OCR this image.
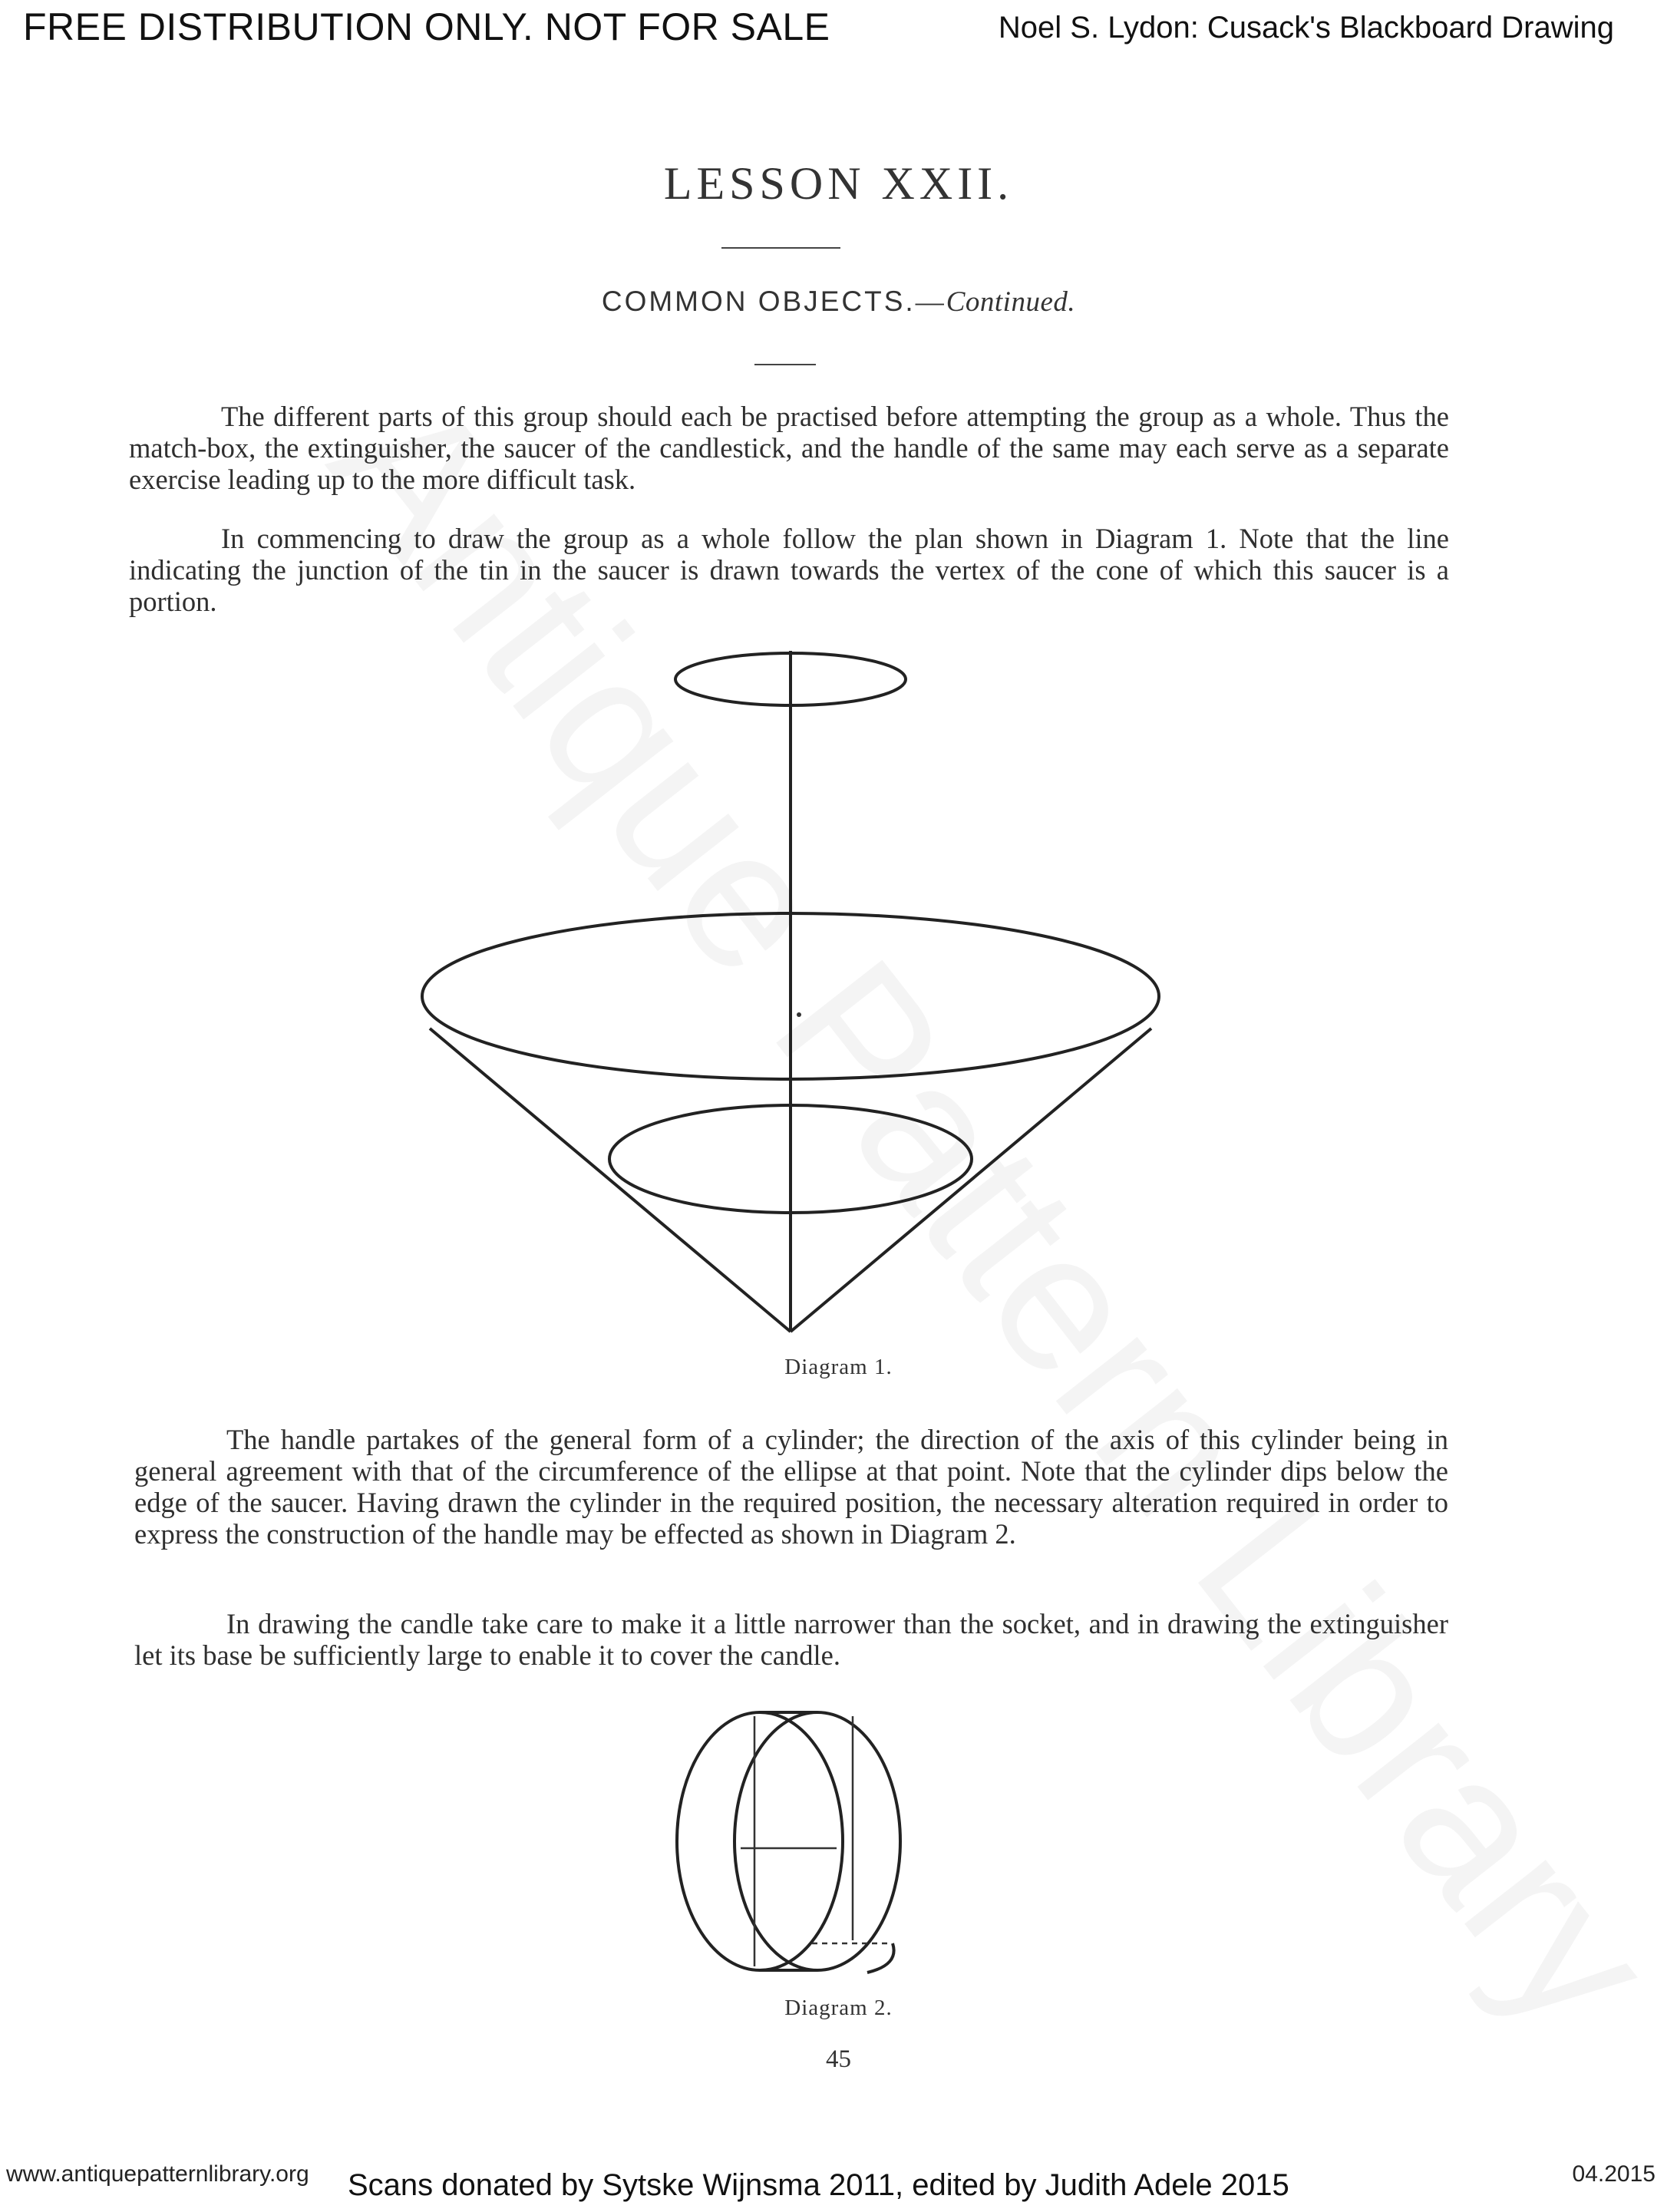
FREE DISTRIBUTION ONLY. NOT FOR SALE	Noel S. Lydon: Cusack's Blackboard Drawing
LESSON XXII.
COMMON OBJECTS.—Continued.

The different parts of this group should each be practised before attempting the group as a whole. Thus the match-box, the extinguisher, the saucer of the candlestick, and the handle of the same may each serve as a separate exercise leading up to the more difficult task.

In commencing to draw the group as a whole follow the plan shown in Diagram 1. Note that the line indicating the junction of the tin in the saucer is drawn towards the vertex of the cone of which this saucer is a portion.

Diagram 1.

The handle partakes of the general form of a cylinder; the direction of the axis of this cylinder being in general agreement with that of the circumference of the ellipse at that point. Note that the cylinder dips below the edge of the saucer. Having drawn the cylinder in the required position, the necessary alteration required in order to express the construction of the handle may be effected as shown in Diagram 2.

In drawing the candle take care to make it a little narrower than the socket, and in drawing the extinguisher let its base be sufficiently large to enable it to cover the candle.

Diagram 2.
45
www.antiquepatternlibrary.org Scans donated by Sytske Wijnsma 2011, edited by Judith Adele 2015	04.2015
